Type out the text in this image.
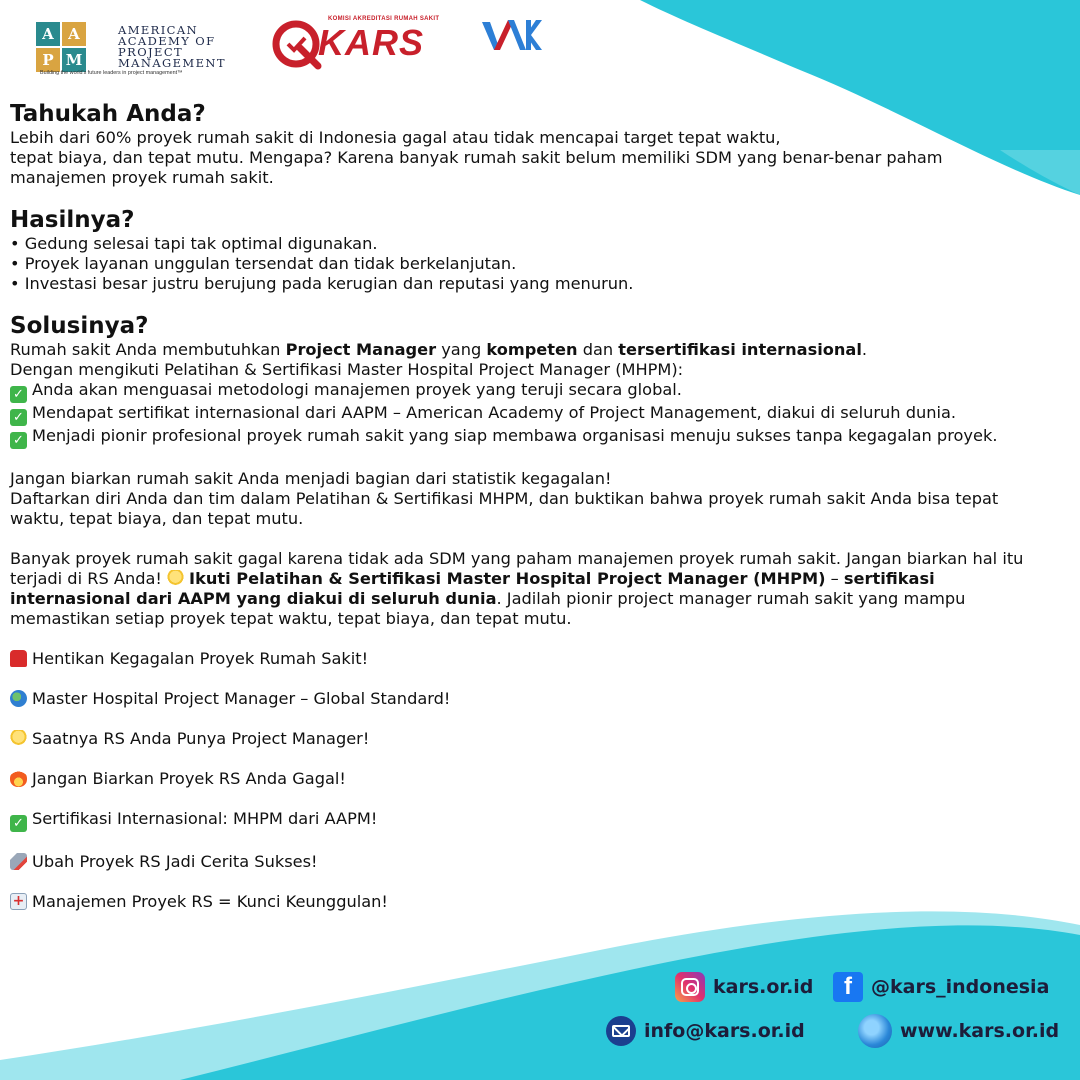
A A
P M
AMERICAN
ACADEMY OF
PROJECT
MANAGEMENT
Building the world's future leaders in project management™
KOMISI AKREDITASI RUMAH SAKIT
KARS
Tahukah Anda?
Lebih dari 60% proyek rumah sakit di Indonesia gagal atau tidak mencapai target tepat waktu,
tepat biaya, dan tepat mutu. Mengapa? Karena banyak rumah sakit belum memiliki SDM yang benar-benar paham
manajemen proyek rumah sakit.
Hasilnya?
• Gedung selesai tapi tak optimal digunakan.
• Proyek layanan unggulan tersendat dan tidak berkelanjutan.
• Investasi besar justru berujung pada kerugian dan reputasi yang menurun.
Solusinya?
Rumah sakit Anda membutuhkan Project Manager yang kompeten dan tersertifikasi internasional.
Dengan mengikuti Pelatihan & Sertifikasi Master Hospital Project Manager (MHPM):
✓ Anda akan menguasai metodologi manajemen proyek yang teruji secara global.
✓ Mendapat sertifikat internasional dari AAPM – American Academy of Project Management, diakui di seluruh dunia.
✓ Menjadi pionir profesional proyek rumah sakit yang siap membawa organisasi menuju sukses tanpa kegagalan proyek.
Jangan biarkan rumah sakit Anda menjadi bagian dari statistik kegagalan!
Daftarkan diri Anda dan tim dalam Pelatihan & Sertifikasi MHPM, dan buktikan bahwa proyek rumah sakit Anda bisa tepat waktu, tepat biaya, dan tepat mutu.
Banyak proyek rumah sakit gagal karena tidak ada SDM yang paham manajemen proyek rumah sakit. Jangan biarkan hal itu terjadi di RS Anda! Ikuti Pelatihan & Sertifikasi Master Hospital Project Manager (MHPM) – sertifikasi internasional dari AAPM yang diakui di seluruh dunia. Jadilah pionir project manager rumah sakit yang mampu memastikan setiap proyek tepat waktu, tepat biaya, dan tepat mutu.
Hentikan Kegagalan Proyek Rumah Sakit!
Master Hospital Project Manager – Global Standard!
Saatnya RS Anda Punya Project Manager!
Jangan Biarkan Proyek RS Anda Gagal!
✓ Sertifikasi Internasional: MHPM dari AAPM!
Ubah Proyek RS Jadi Cerita Sukses!
+Manajemen Proyek RS = Kunci Keunggulan!
kars.or.id	f	@kars_indonesia
info@kars.or.id	www.kars.or.id
